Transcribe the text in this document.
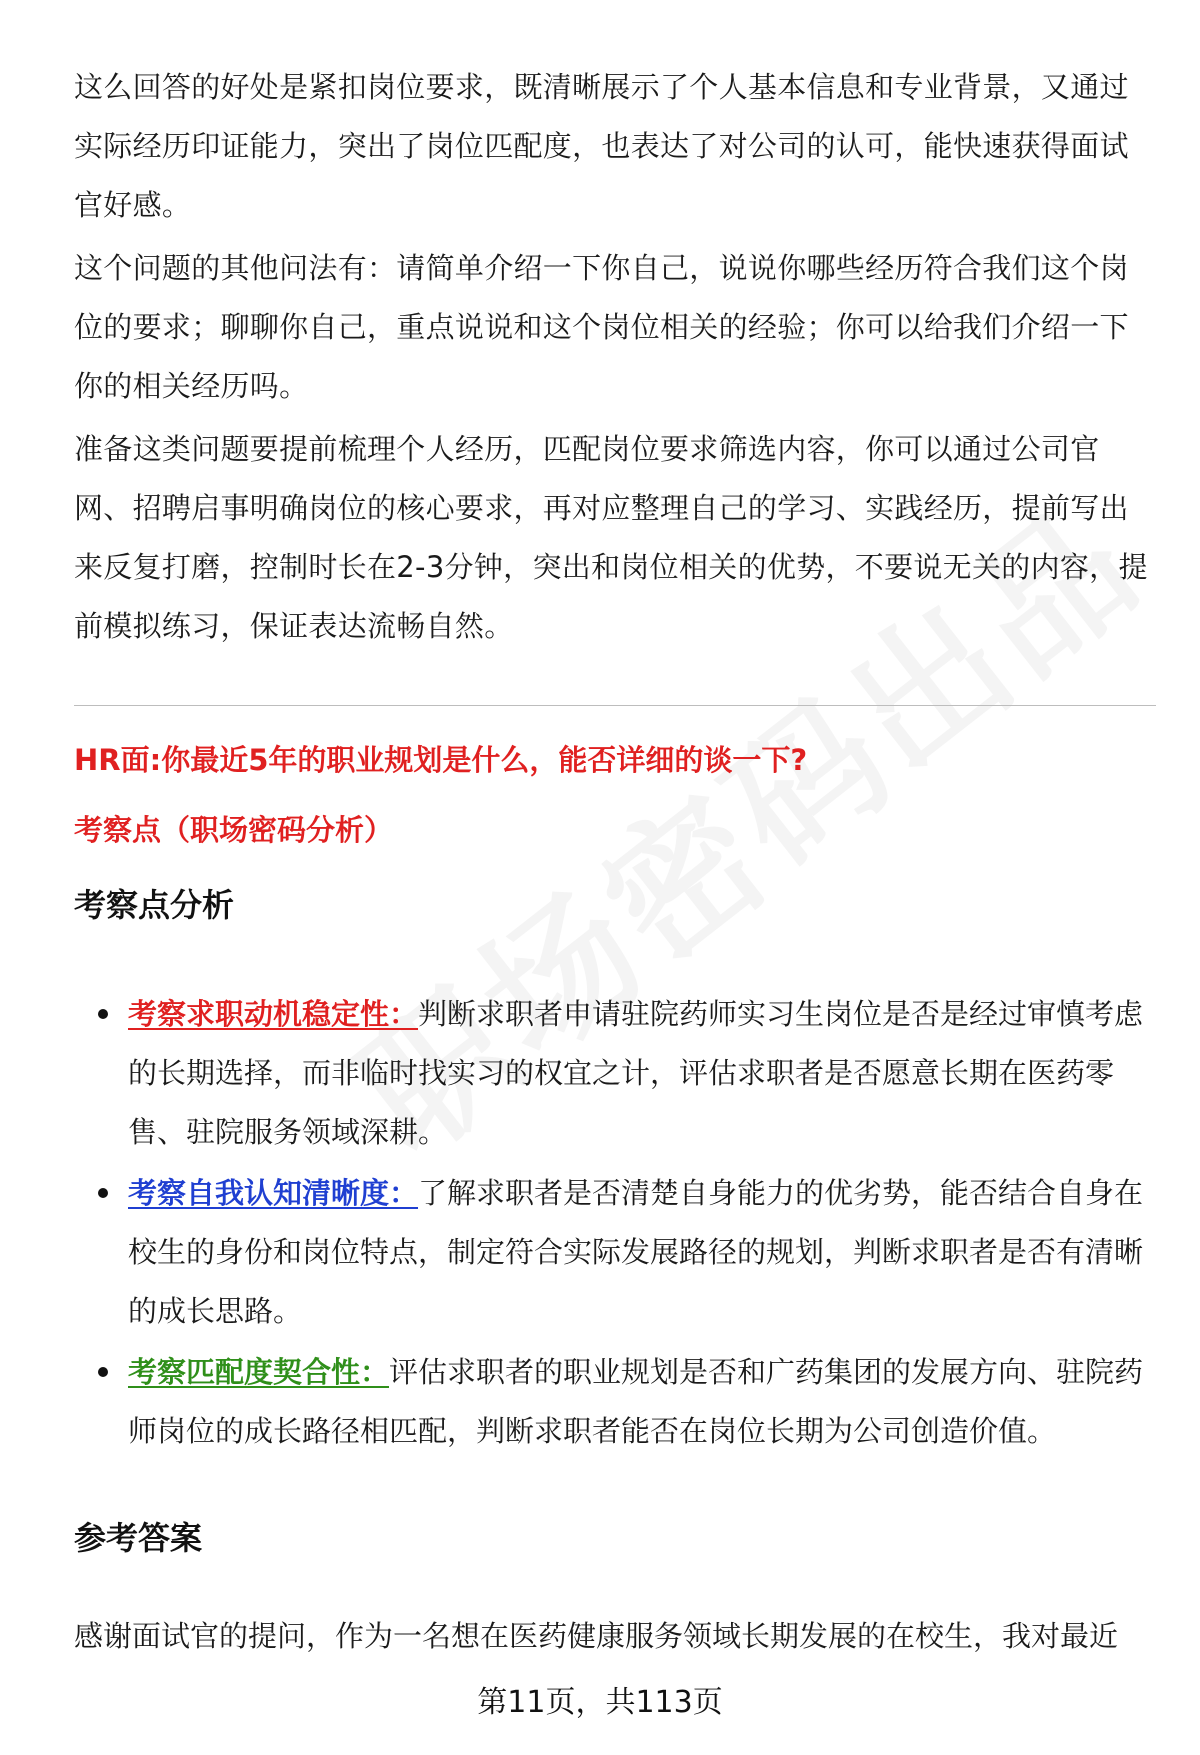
这么回答的好处是紧扣岗位要求，既清晰展示了个人基本信息和专业背景，又通过实际经历印证能力，突出了岗位匹配度，也表达了对公司的认可，能快速获得面试官好感。

这个问题的其他问法有：请简单介绍一下你自己，说说你哪些经历符合我们这个岗位的要求；聊聊你自己，重点说说和这个岗位相关的经验；你可以给我们介绍一下你的相关经历吗。

准备这类问题要提前梳理个人经历，匹配岗位要求筛选内容，你可以通过公司官网、招聘启事明确岗位的核心要求，再对应整理自己的学习、实践经历，提前写出来反复打磨，控制时长在2-3分钟，突出和岗位相关的优势，不要说无关的内容，提前模拟练习，保证表达流畅自然。

HR面:你最近5年的职业规划是什么，能否详细的谈一下?
考察点（职场密码分析）
考察点分析
考察求职动机稳定性：判断求职者申请驻院药师实习生岗位是否是经过审慎考虑的长期选择，而非临时找实习的权宜之计，评估求职者是否愿意长期在医药零售、驻院服务领域深耕。
考察自我认知清晰度：了解求职者是否清楚自身能力的优劣势，能否结合自身在校生的身份和岗位特点，制定符合实际发展路径的规划，判断求职者是否有清晰的成长思路。
考察匹配度契合性：评估求职者的职业规划是否和广药集团的发展方向、驻院药师岗位的成长路径相匹配，判断求职者能否在岗位长期为公司创造价值。
参考答案

感谢面试官的提问，作为一名想在医药健康服务领域长期发展的在校生，我对最近

第11页，共113页
